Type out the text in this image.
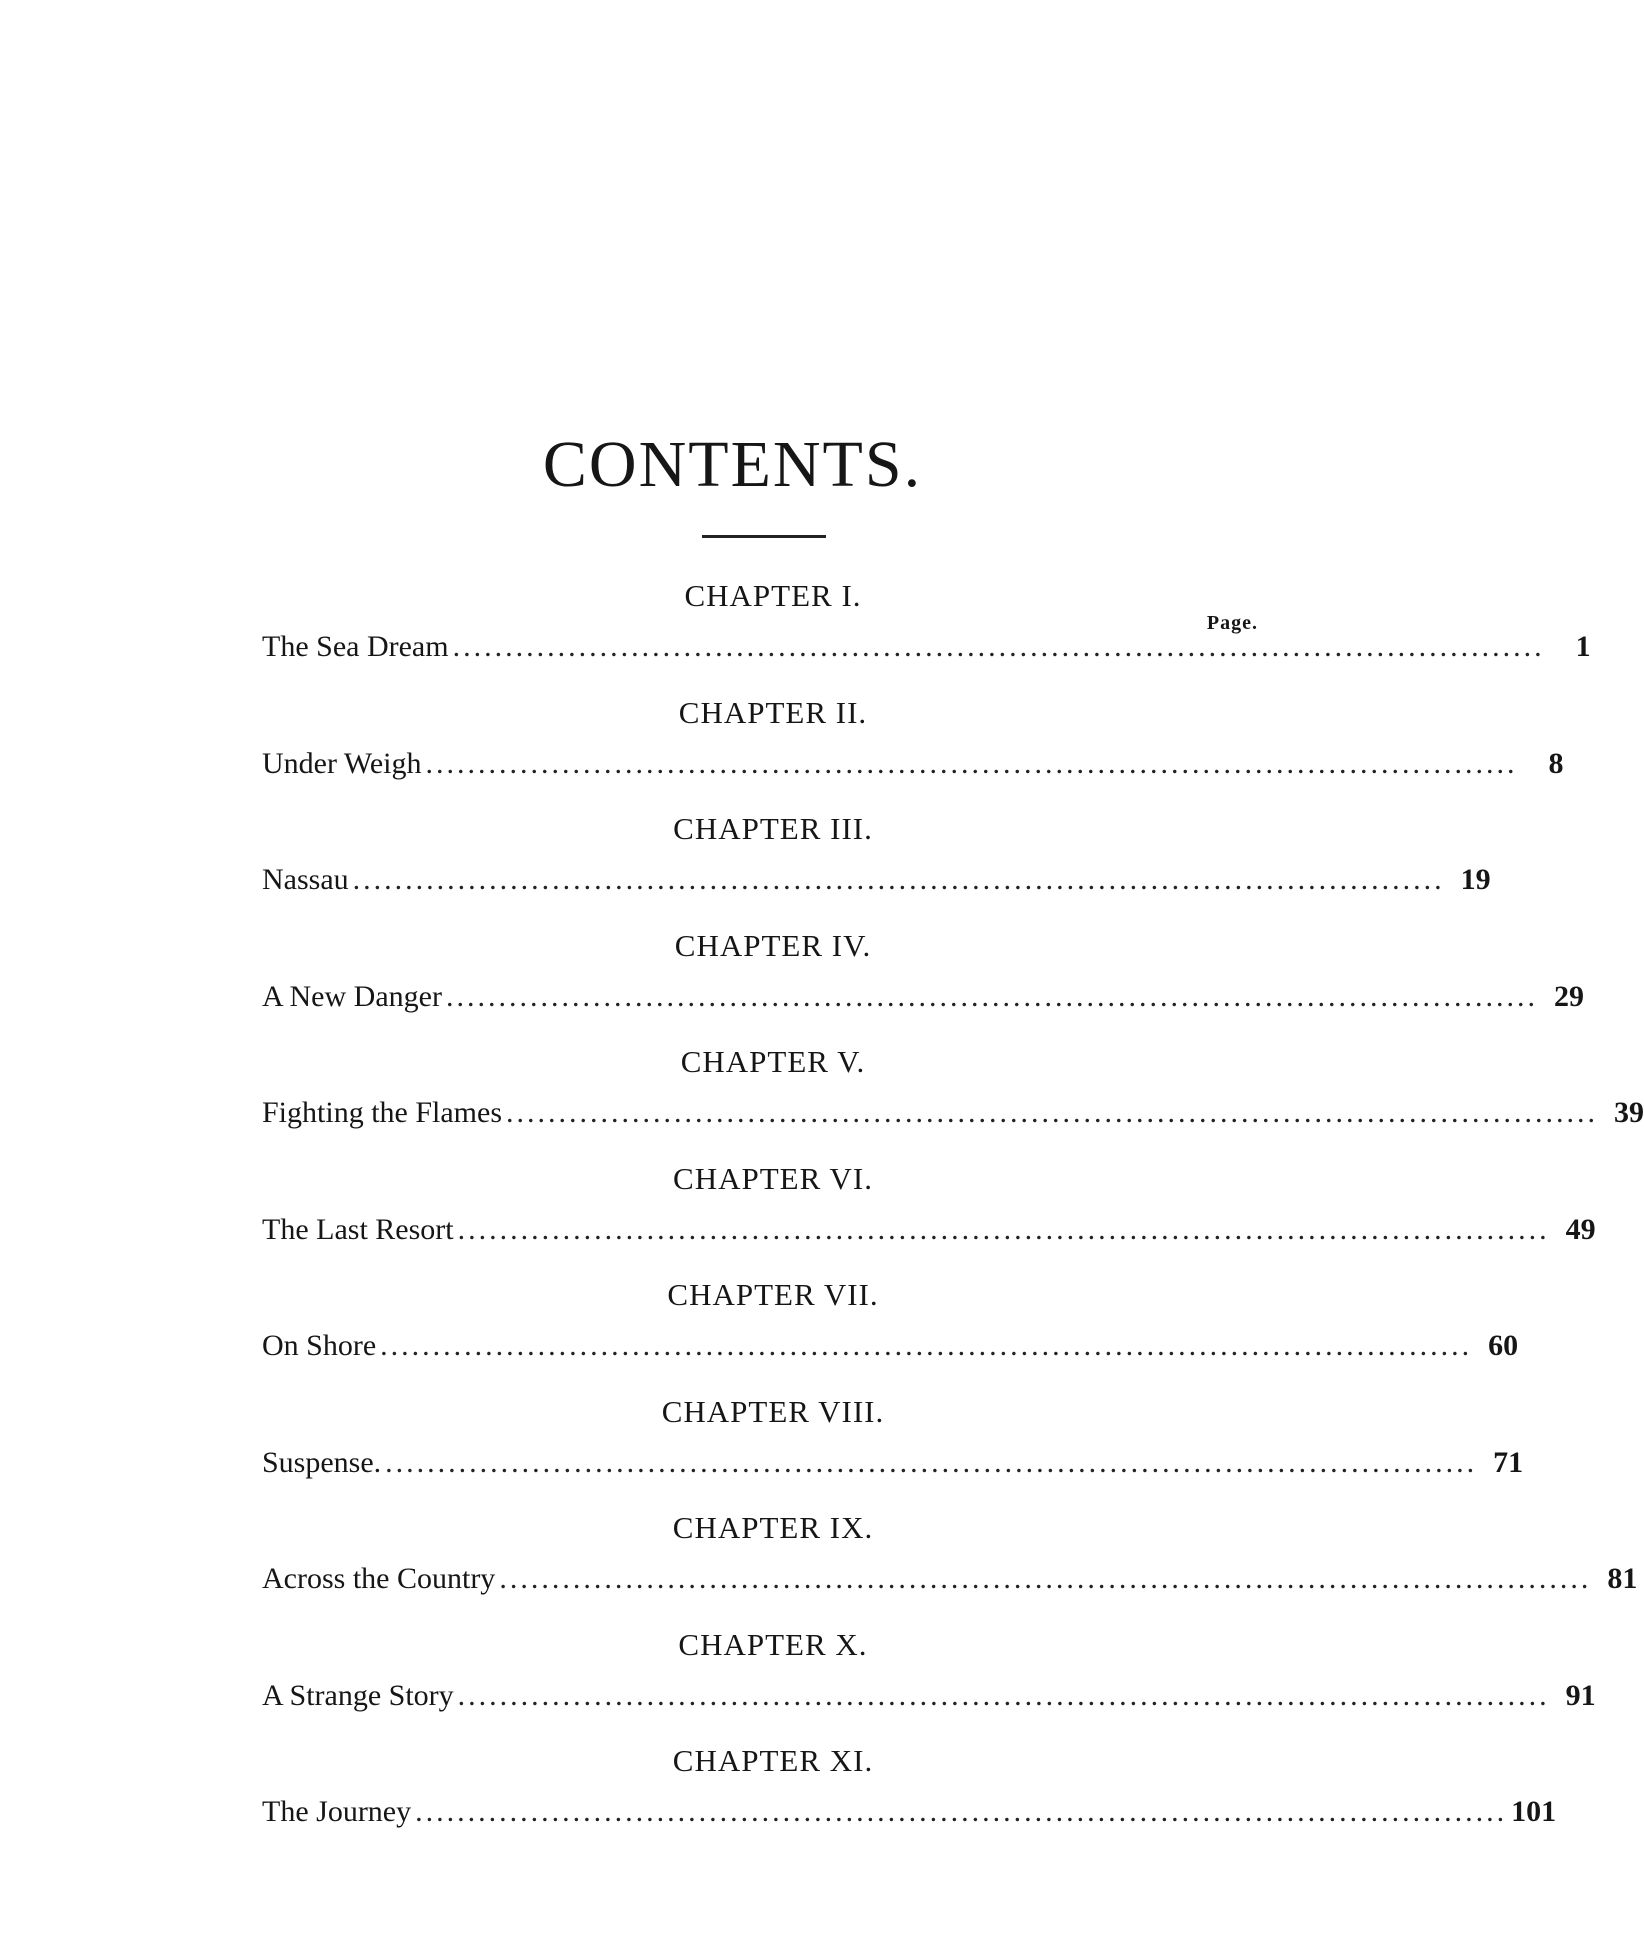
CONTENTS.
CHAPTER I.
Page.
The Sea Dream ........................................................................................................	1
CHAPTER II.
Under Weigh ........................................................................................................	8
CHAPTER III.
Nassau ........................................................................................................ 19
CHAPTER IV.
A New Danger ........................................................................................................ 29
CHAPTER V.
Fighting the Flames ........................................................................................................ 39
CHAPTER VI.
The Last Resort ........................................................................................................ 49
CHAPTER VII.
On Shore ........................................................................................................ 60
CHAPTER VIII.
Suspense. ........................................................................................................ 71
CHAPTER IX.
Across the Country ........................................................................................................ 81
CHAPTER X.
A Strange Story ........................................................................................................ 91
CHAPTER XI.
The Journey ........................................................................................................ 101
